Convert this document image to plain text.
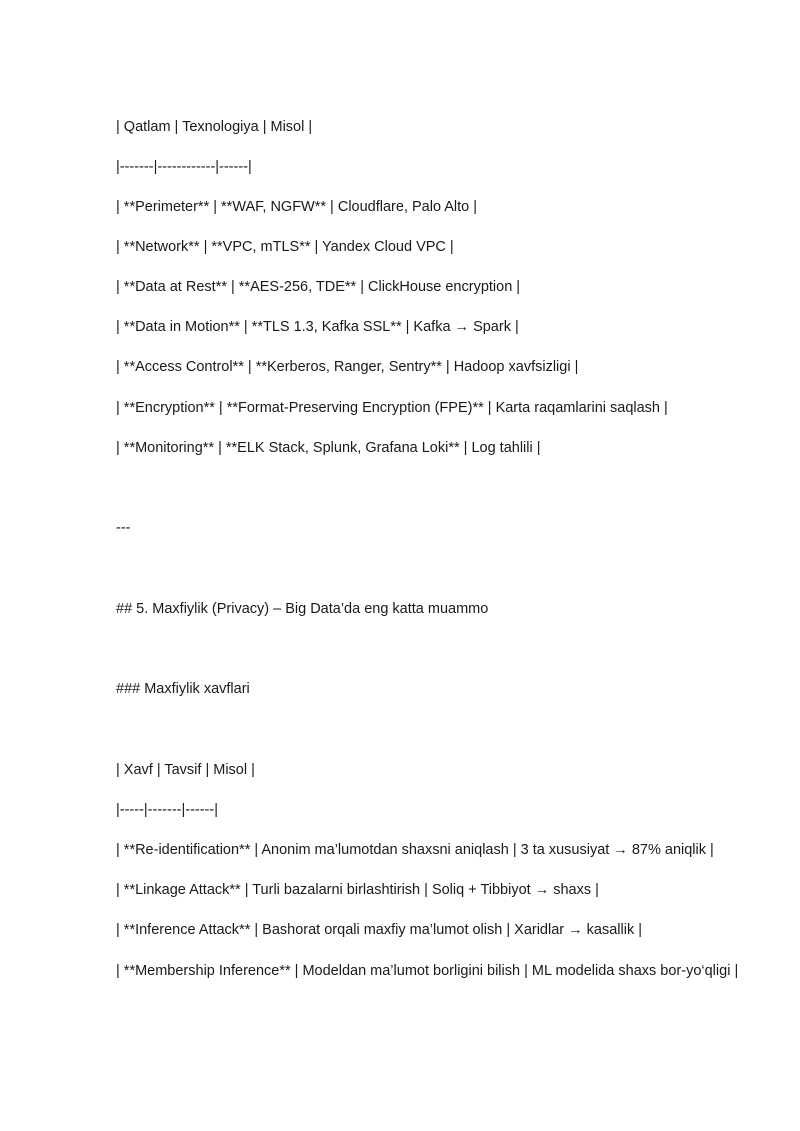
| Qatlam | Texnologiya | Misol |
|-------|------------|------|
| **Perimeter** | **WAF, NGFW** | Cloudflare, Palo Alto |
| **Network** | **VPC, mTLS** | Yandex Cloud VPC |
| **Data at Rest** | **AES-256, TDE** | ClickHouse encryption |
| **Data in Motion** | **TLS 1.3, Kafka SSL** | Kafka → Spark |
| **Access Control** | **Kerberos, Ranger, Sentry** | Hadoop xavfsizligi |
| **Encryption** | **Format-Preserving Encryption (FPE)** | Karta raqamlarini saqlash |
| **Monitoring** | **ELK Stack, Splunk, Grafana Loki** | Log tahlili |
---
## 5. Maxfiylik (Privacy) – Big Data’da eng katta muammo
### Maxfiylik xavflari
| Xavf | Tavsif | Misol |
|-----|-------|------|
| **Re-identification** | Anonim ma’lumotdan shaxsni aniqlash | 3 ta xususiyat → 87% aniqlik |
| **Linkage Attack** | Turli bazalarni birlashtirish | Soliq + Tibbiyot → shaxs |
| **Inference Attack** | Bashorat orqali maxfiy ma’lumot olish | Xaridlar → kasallik |
| **Membership Inference** | Modeldan ma’lumot borligini bilish | ML modelida shaxs bor-yo‘qligi |
